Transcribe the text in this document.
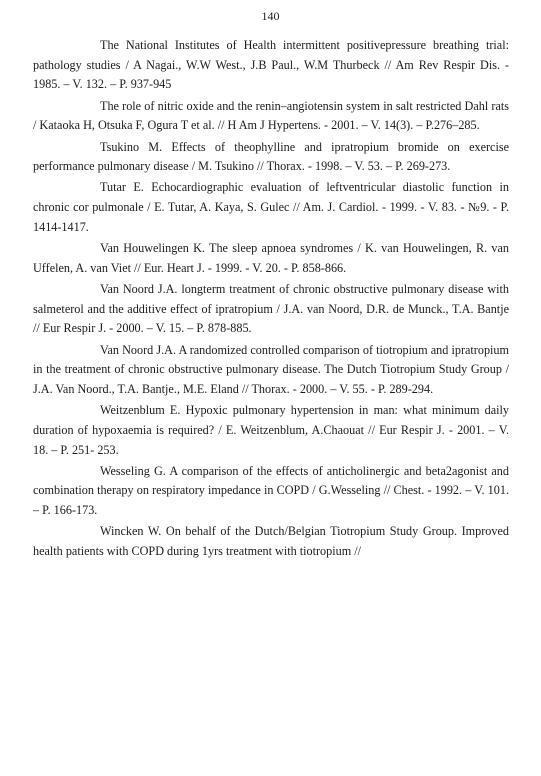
140

The National Institutes of Health intermittent positivepressure breathing trial: pathology studies / A Nagai., W.W West., J.B Paul., W.M Thurbeck // Am Rev Respir Dis. - 1985. – V. 132. – P. 937-945

The role of nitric oxide and the renin–angiotensin system in salt restricted Dahl rats / Kataoka H, Otsuka F, Ogura T et al. // H Am J Hypertens. - 2001. – V. 14(3). – P.276–285.

Tsukino M. Effects of theophylline and ipratropium bromide on exercise performance pulmonary disease / M. Tsukino // Thorax. - 1998. – V. 53. – P. 269-273.

Tutar E. Echocardiographic evaluation of leftventricular diastolic function in chronic cor pulmonale / E. Tutar, A. Kaya, S. Gulec // Am. J. Cardiol. - 1999. - V. 83. - №9. - P. 1414-1417.

Van Houwelingen K. The sleep apnoea syndromes / K. van Houwelingen, R. van Uffelen, A. van Viet // Eur. Heart J. - 1999. - V. 20. - P. 858-866.

Van Noord J.A. longterm treatment of chronic obstructive pulmonary disease with salmeterol and the additive effect of ipratropium / J.A. van Noord, D.R. de Munck., T.A. Bantje // Eur Respir J. - 2000. – V. 15. – P. 878-885.

Van Noord J.A. A randomized controlled comparison of tiotropium and ipratropium in the treatment of chronic obstructive pulmonary disease. The Dutch Tiotropium Study Group / J.A. Van Noord., T.A. Bantje., M.E. Eland // Thorax. - 2000. – V. 55. - P. 289-294.

Weitzenblum E. Hypoxic pulmonary hypertension in man: what minimum daily duration of hypoxaemia is required? / E. Weitzenblum, A.Chaouat // Eur Respir J. - 2001. – V. 18. – P. 251- 253.

Wesseling G. A comparison of the effects of anticholinergic and beta2agonist and combination therapy on respiratory impedance in COPD / G.Wesseling // Chest. - 1992. – V. 101. – P. 166-173.

Wincken W. On behalf of the Dutch/Belgian Tiotropium Study Group. Improved health patients with COPD during 1yrs treatment with tiotropium //
